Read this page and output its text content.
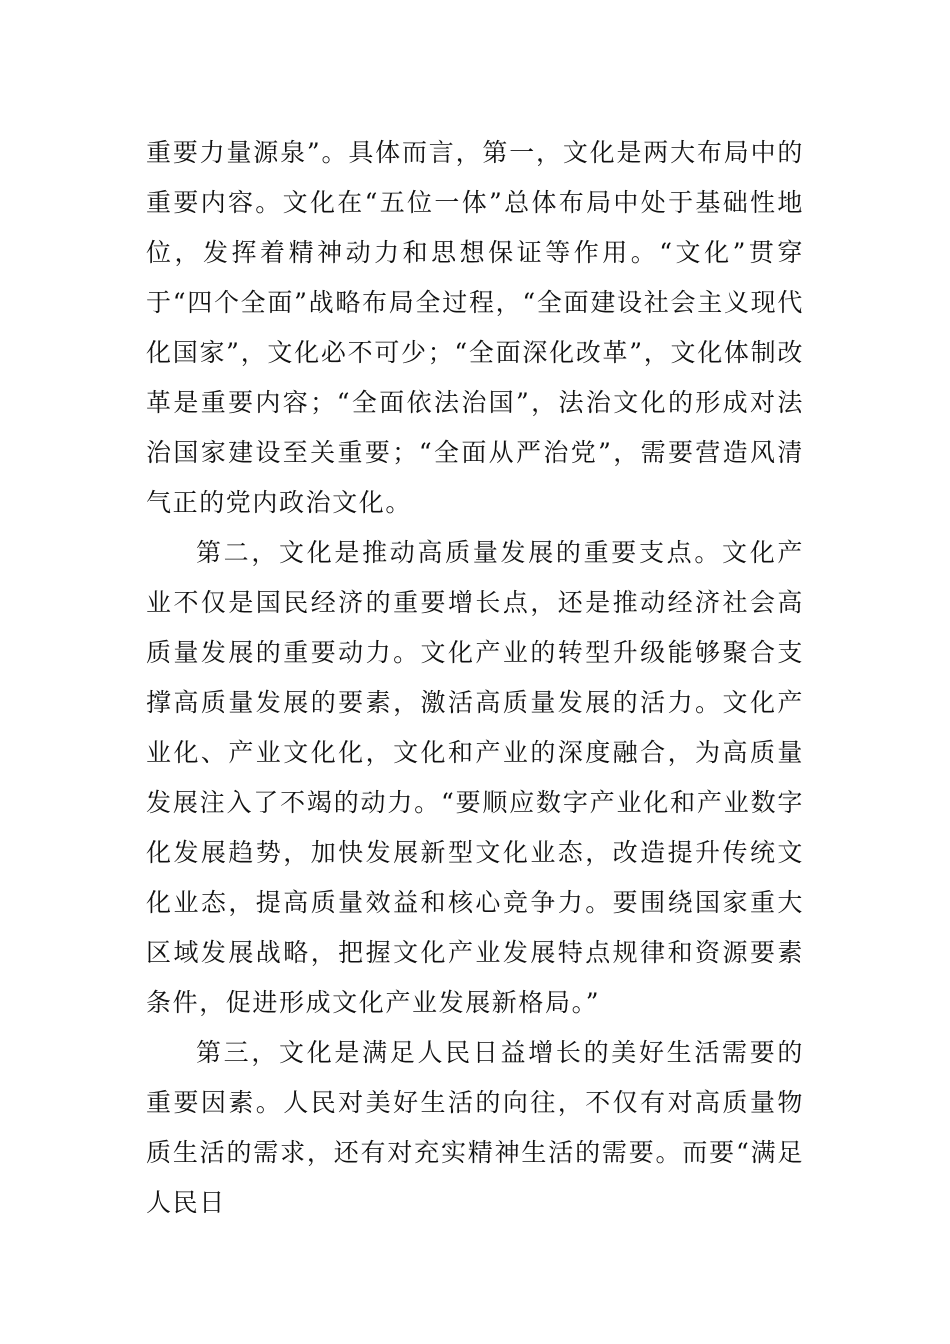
重要力量源泉”。具体而言，第一，文化是两大布局中的重要内容。文化在“五位一体”总体布局中处于基础性地位，发挥着精神动力和思想保证等作用。“文化”贯穿于“四个全面”战略布局全过程，“全面建设社会主义现代化国家”，文化必不可少；“全面深化改革”，文化体制改革是重要内容；“全面依法治国”，法治文化的形成对法治国家建设至关重要；“全面从严治党”，需要营造风清气正的党内政治文化。

第二，文化是推动高质量发展的重要支点。文化产业不仅是国民经济的重要增长点，还是推动经济社会高质量发展的重要动力。文化产业的转型升级能够聚合支撑高质量发展的要素，激活高质量发展的活力。文化产业化、产业文化化，文化和产业的深度融合，为高质量发展注入了不竭的动力。“要顺应数字产业化和产业数字化发展趋势，加快发展新型文化业态，改造提升传统文化业态，提高质量效益和核心竞争力。要围绕国家重大区域发展战略，把握文化产业发展特点规律和资源要素条件，促进形成文化产业发展新格局。”

第三，文化是满足人民日益增长的美好生活需要的重要因素。人民对美好生活的向往，不仅有对高质量物质生活的需求，还有对充实精神生活的需要。而要“满足人民日
